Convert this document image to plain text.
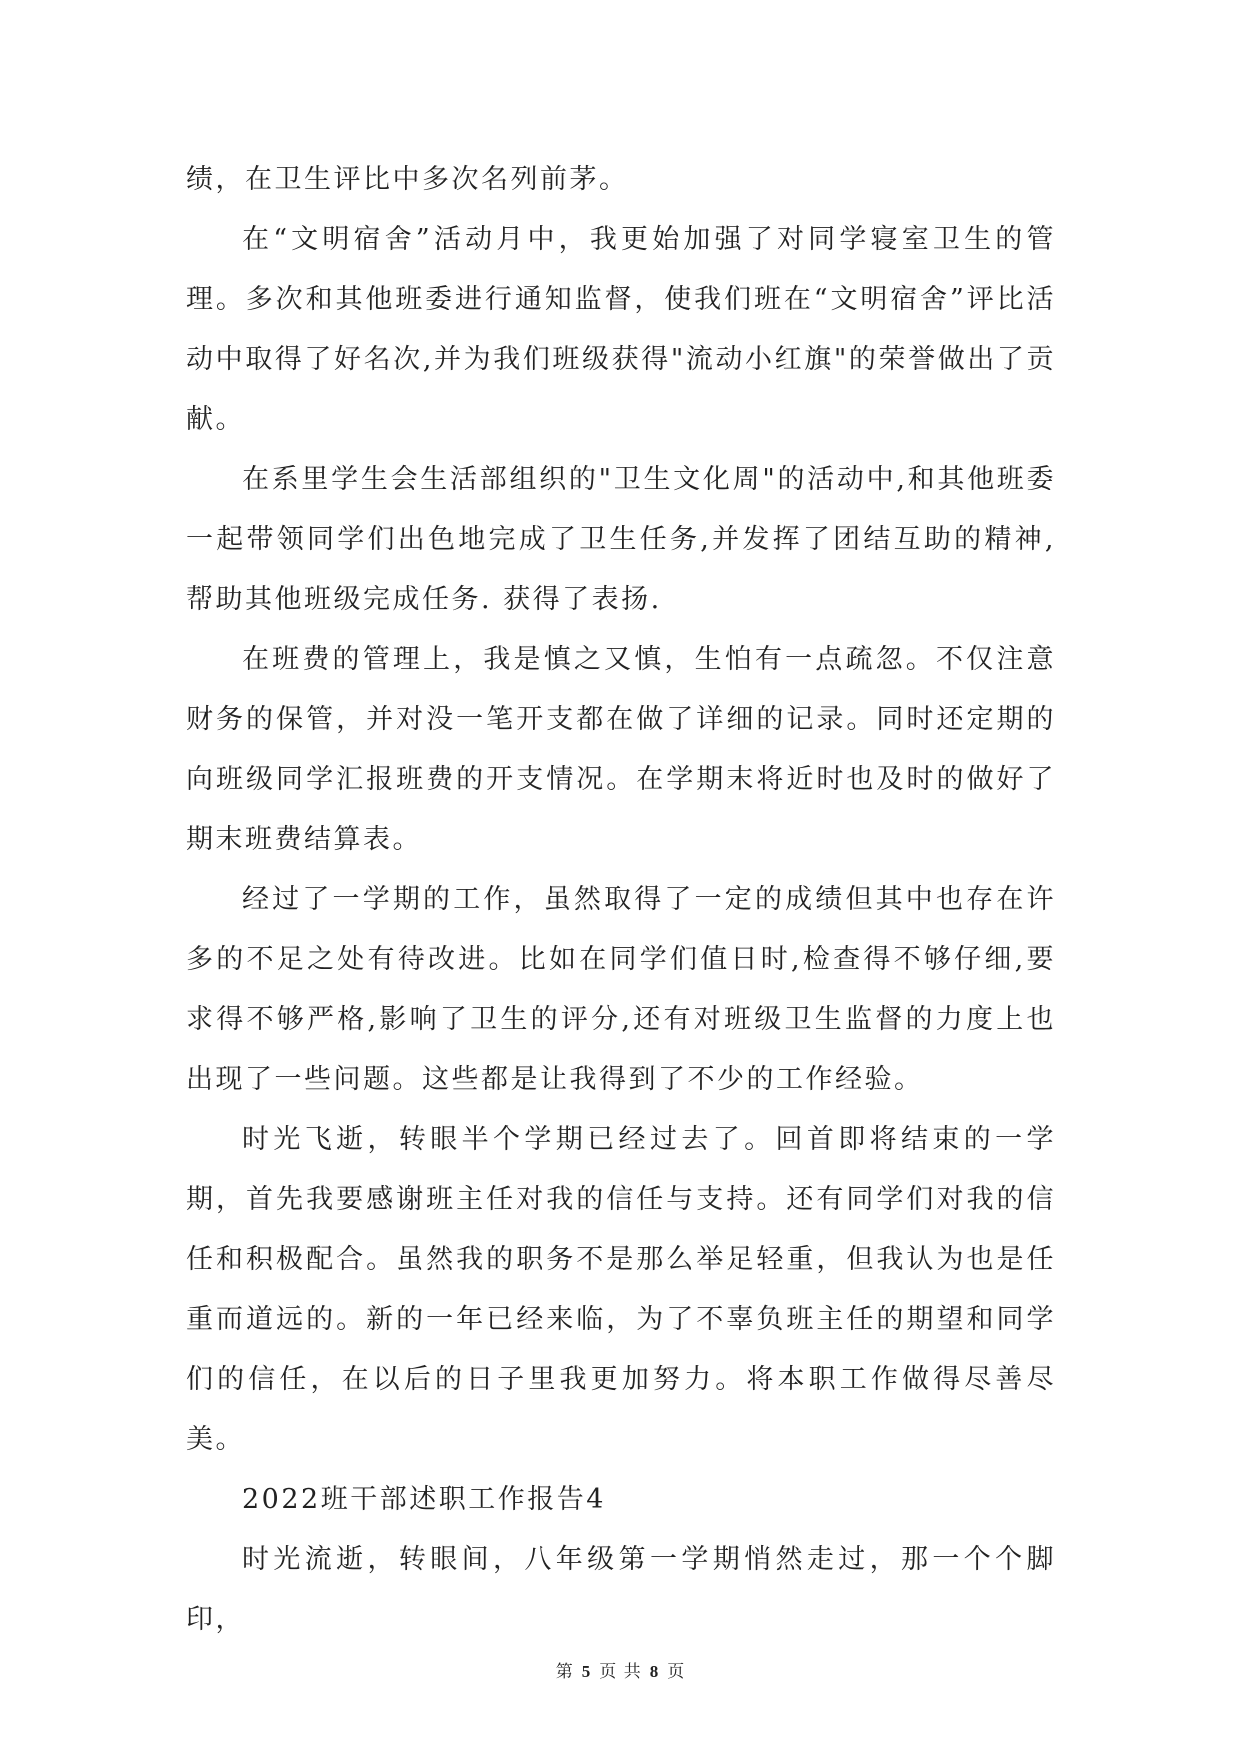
绩，在卫生评比中多次名列前茅。

在“文明宿舍”活动月中，我更始加强了对同学寝室卫生的管理。多次和其他班委进行通知监督，使我们班在“文明宿舍”评比活动中取得了好名次,并为我们班级获得"流动小红旗"的荣誉做出了贡献。

在系里学生会生活部组织的"卫生文化周"的活动中,和其他班委一起带领同学们出色地完成了卫生任务,并发挥了团结互助的精神,帮助其他班级完成任务. 获得了表扬.

在班费的管理上，我是慎之又慎，生怕有一点疏忽。不仅注意财务的保管，并对没一笔开支都在做了详细的记录。同时还定期的向班级同学汇报班费的开支情况。在学期末将近时也及时的做好了期末班费结算表。

经过了一学期的工作，虽然取得了一定的成绩但其中也存在许多的不足之处有待改进。比如在同学们值日时,检查得不够仔细,要求得不够严格,影响了卫生的评分,还有对班级卫生监督的力度上也出现了一些问题。这些都是让我得到了不少的工作经验。

时光飞逝，转眼半个学期已经过去了。回首即将结束的一学期，首先我要感谢班主任对我的信任与支持。还有同学们对我的信任和积极配合。虽然我的职务不是那么举足轻重，但我认为也是任重而道远的。新的一年已经来临，为了不辜负班主任的期望和同学们的信任，在以后的日子里我更加努力。将本职工作做得尽善尽美。

2022班干部述职工作报告4

时光流逝，转眼间，八年级第一学期悄然走过，那一个个脚印，

第 5 页 共 8 页
